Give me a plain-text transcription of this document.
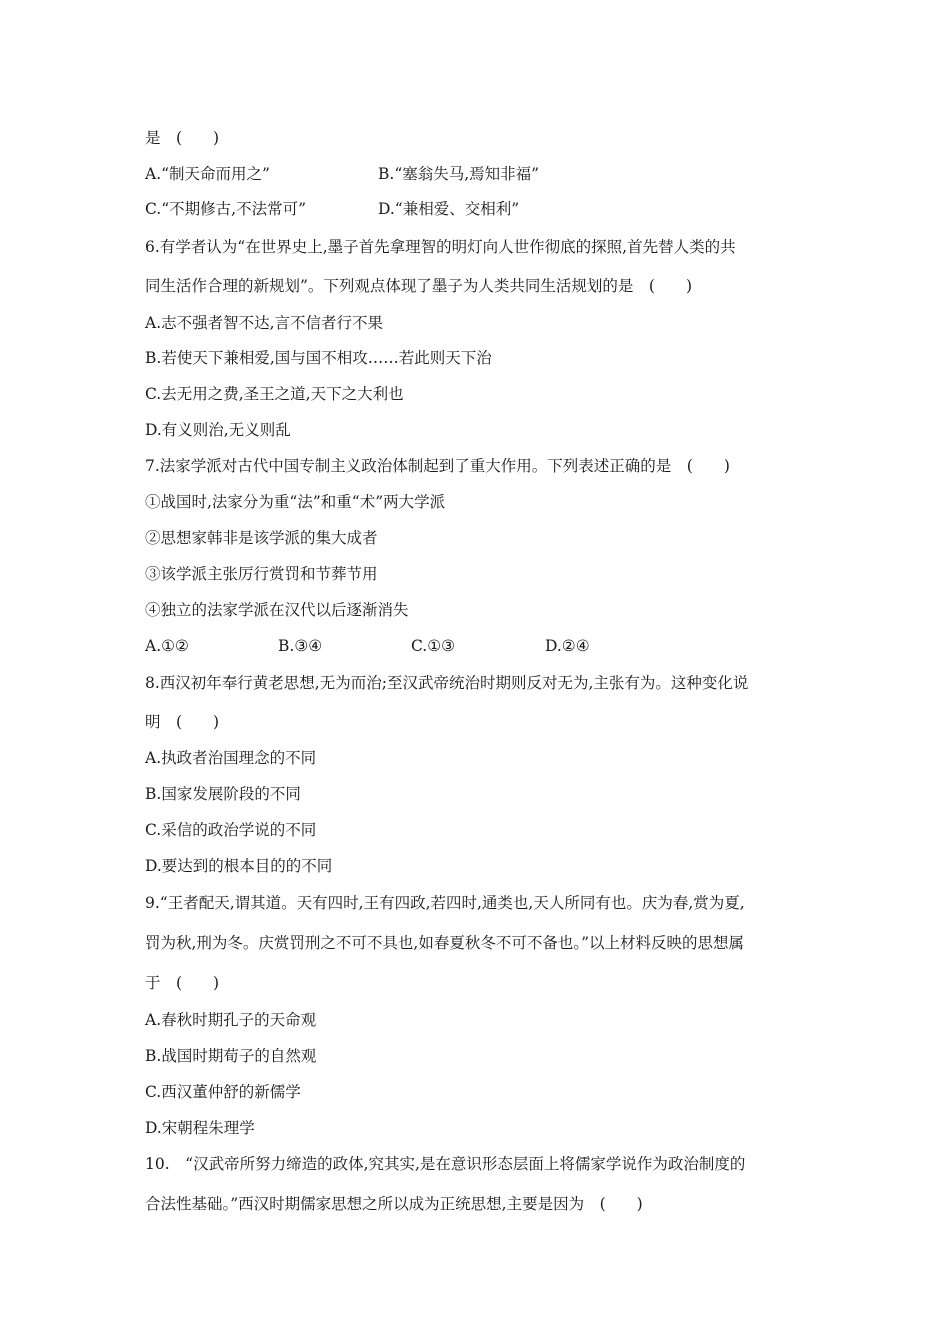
是　(　　)
A.“制天命而用之”	B.“塞翁失马,焉知非福”
C.“不期修古,不法常可”	D.“兼相爱、交相利”
6.有学者认为“在世界史上,墨子首先拿理智的明灯向人世作彻底的探照,首先替人类的共
同生活作合理的新规划”。下列观点体现了墨子为人类共同生活规划的是　(　　)
A.志不强者智不达,言不信者行不果
B.若使天下兼相爱,国与国不相攻……若此则天下治
C.去无用之费,圣王之道,天下之大利也
D.有义则治,无义则乱
7.法家学派对古代中国专制主义政治体制起到了重大作用。下列表述正确的是　(　　)
①战国时,法家分为重“法”和重“术”两大学派
②思想家韩非是该学派的集大成者
③该学派主张厉行赏罚和节葬节用
④独立的法家学派在汉代以后逐渐消失
A.①②	B.③④	C.①③	D.②④
8.西汉初年奉行黄老思想,无为而治;至汉武帝统治时期则反对无为,主张有为。这种变化说
明　(　　)
A.执政者治国理念的不同
B.国家发展阶段的不同
C.采信的政治学说的不同
D.要达到的根本目的的不同
9.“王者配天,谓其道。天有四时,王有四政,若四时,通类也,天人所同有也。庆为春,赏为夏,
罚为秋,刑为冬。庆赏罚刑之不可不具也,如春夏秋冬不可不备也。”以上材料反映的思想属
于　(　　)
A.春秋时期孔子的天命观
B.战国时期荀子的自然观
C.西汉董仲舒的新儒学
D.宋朝程朱理学
10.　“汉武帝所努力缔造的政体,究其实,是在意识形态层面上将儒家学说作为政治制度的
合法性基础。”西汉时期儒家思想之所以成为正统思想,主要是因为　(　　)
